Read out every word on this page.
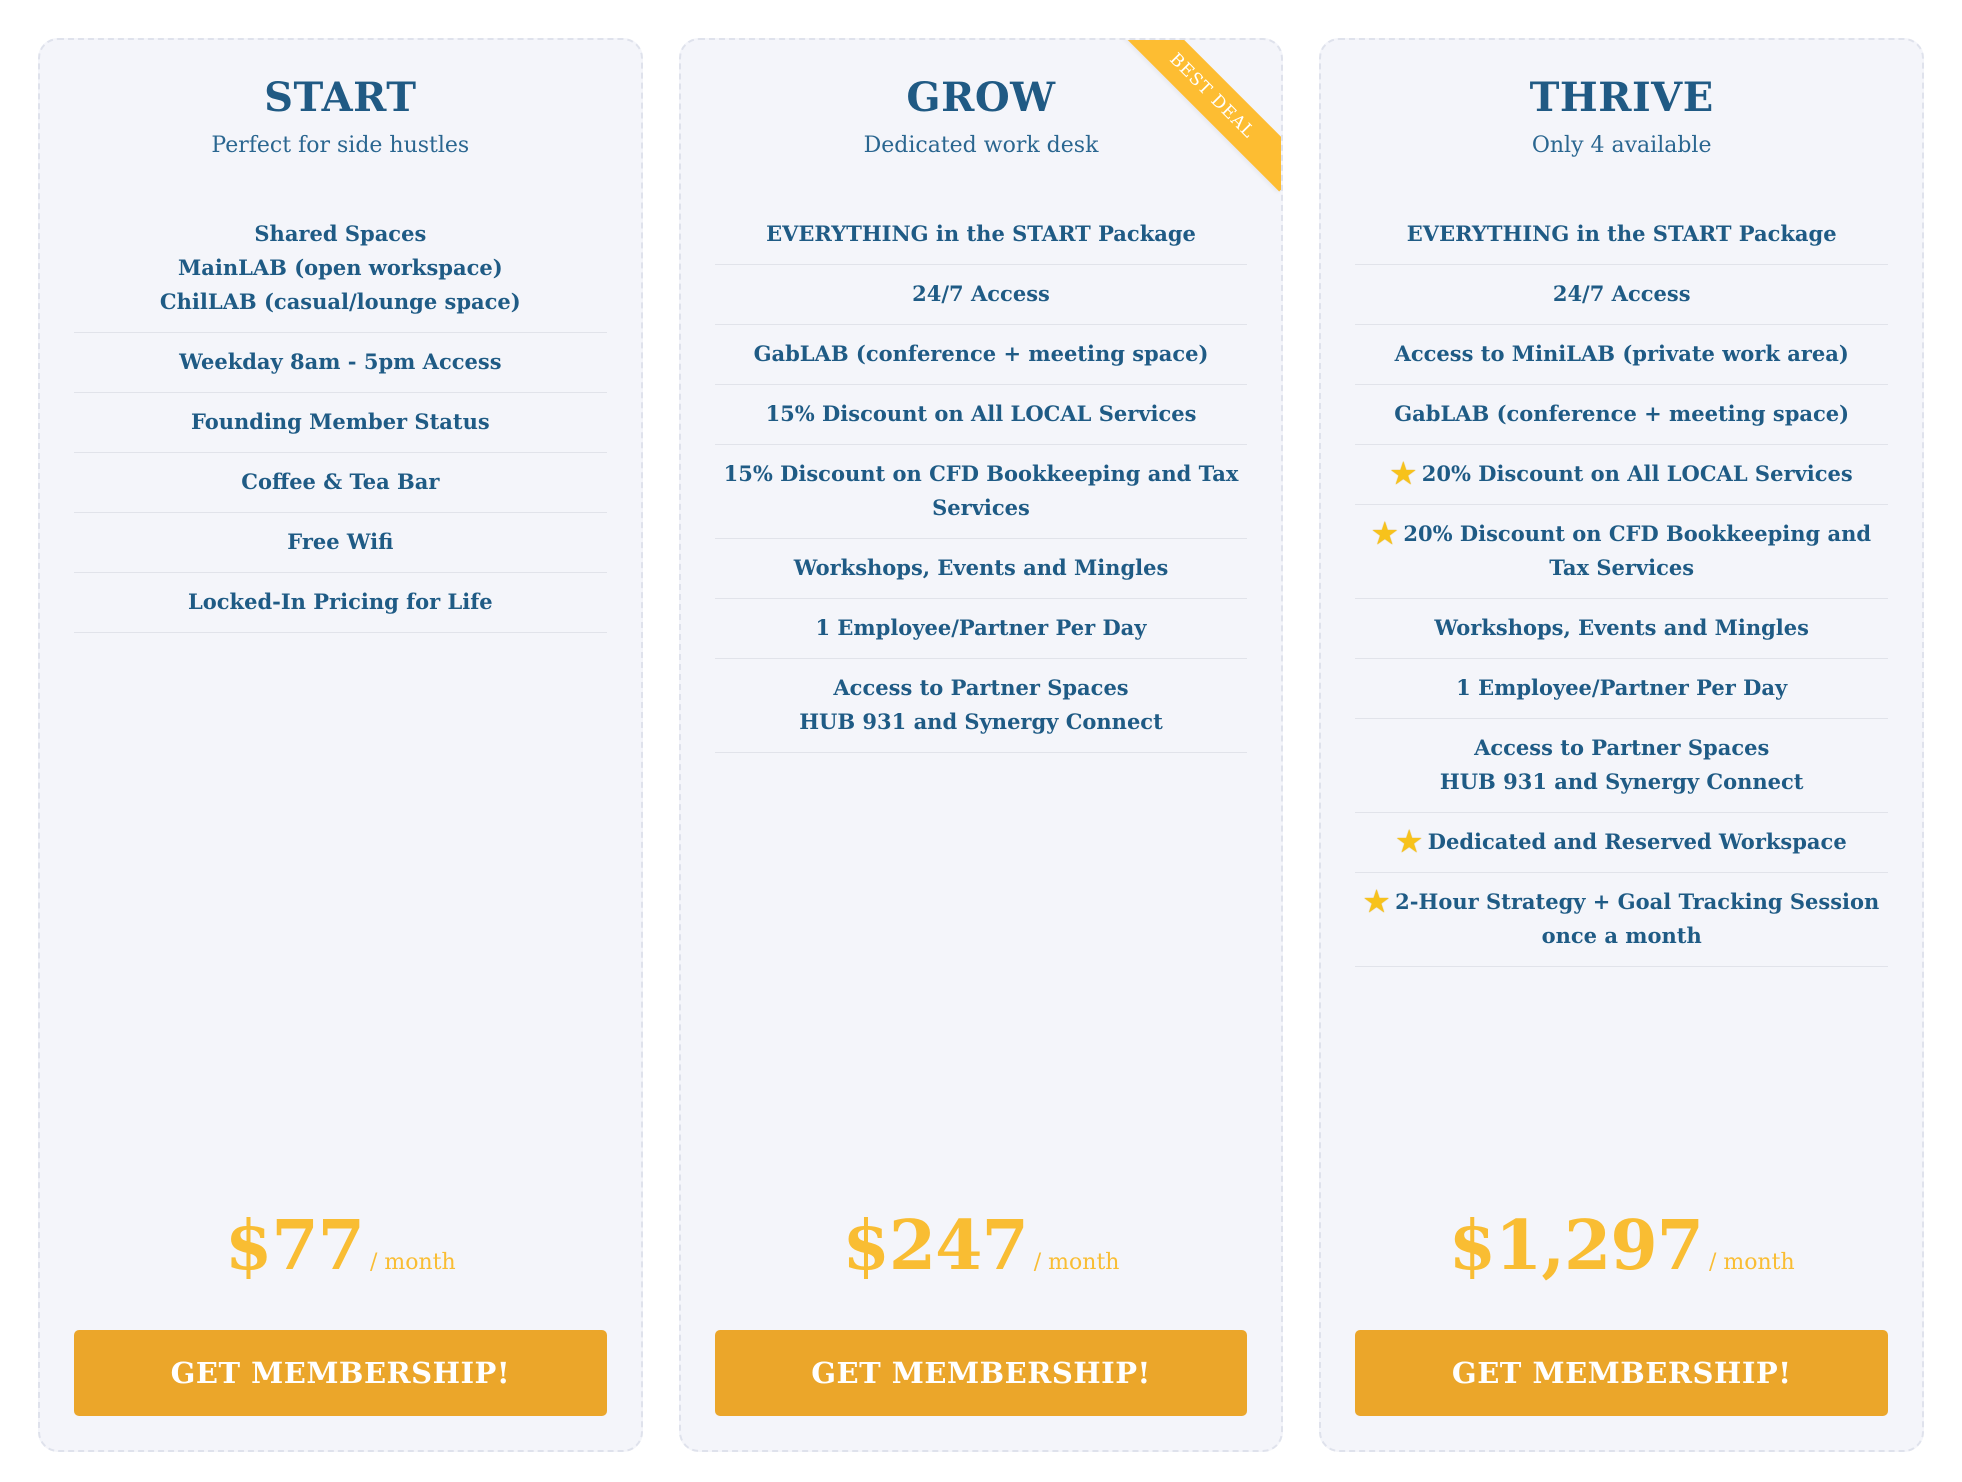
START

Perfect for side hustles

Shared Spaces
MainLAB (open workspace)
ChilLAB (casual/lounge space)
Weekday 8am - 5pm Access
Founding Member Status
Coffee & Tea Bar
Free Wifi
Locked-In Pricing for Life
$77 / month
GET MEMBERSHIP!
BEST DEAL
GROW

Dedicated work desk

EVERYTHING in the START Package
24/7 Access
GabLAB (conference + meeting space)
15% Discount on All LOCAL Services
15% Discount on CFD Bookkeeping and Tax Services
Workshops, Events and Mingles
1 Employee/Partner Per Day
Access to Partner Spaces
HUB 931 and Synergy Connect
$247 / month
GET MEMBERSHIP!
THRIVE

Only 4 available

EVERYTHING in the START Package
24/7 Access
Access to MiniLAB (private work area)
GabLAB (conference + meeting space)
★ 20% Discount on All LOCAL Services
★ 20% Discount on CFD Bookkeeping and Tax Services
Workshops, Events and Mingles
1 Employee/Partner Per Day
Access to Partner Spaces
HUB 931 and Synergy Connect
★ Dedicated and Reserved Workspace
★ 2-Hour Strategy + Goal Tracking Session once a month
$1,297 / month
GET MEMBERSHIP!
